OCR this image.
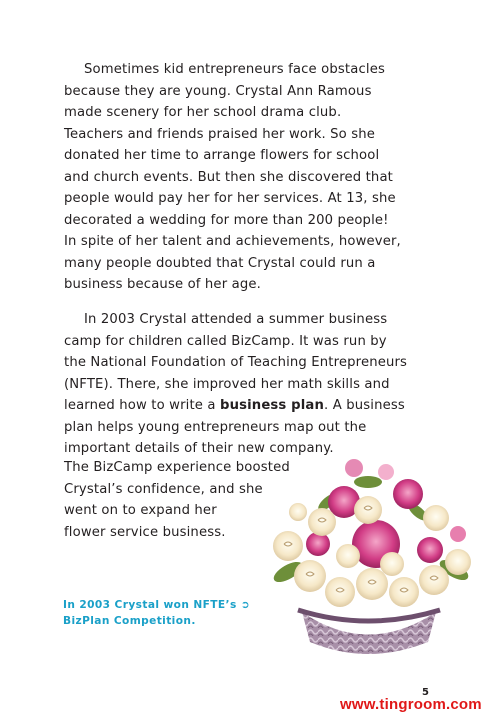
Sometimes kid entrepreneurs face obstacles
because they are young. Crystal Ann Ramous
made scenery for her school drama club.
Teachers and friends praised her work. So she
donated her time to arrange flowers for school
and church events. But then she discovered that
people would pay her for her services. At 13, she
decorated a wedding for more than 200 people!
In spite of her talent and achievements, however,
many people doubted that Crystal could run a
business because of her age.
In 2003 Crystal attended a summer business
camp for children called BizCamp. It was run by
the National Foundation of Teaching Entrepreneurs
(NFTE). There, she improved her math skills and
learned how to write a business plan. A business
plan helps young entrepreneurs map out the
important details of their new company.
The BizCamp experience boosted
Crystal’s confidence, and she
went on to expand her
flower service business.
In 2003 Crystal won NFTE’s ➲
BizPlan Competition.
5
www.tingroom.com
